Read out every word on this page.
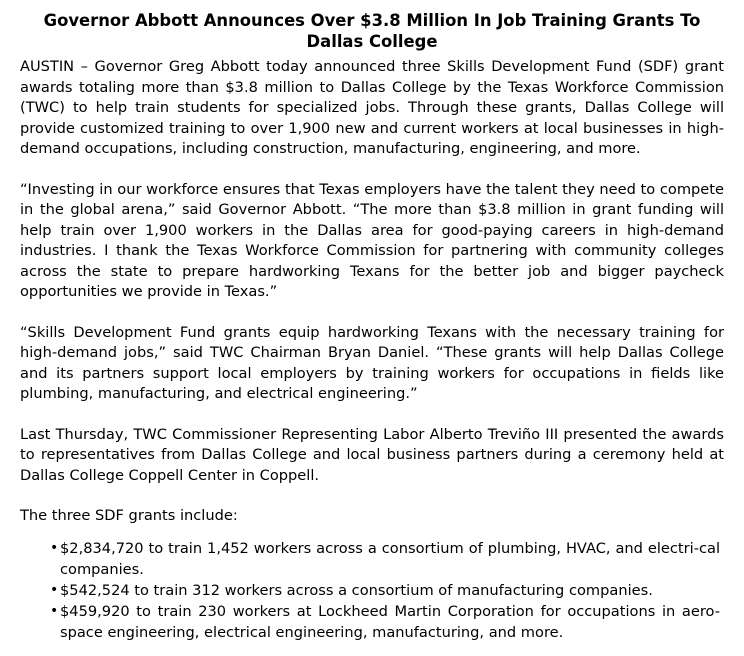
Governor Abbott Announces Over $3.8 Million In Job Training Grants To Dallas College

AUSTIN – Governor Greg Abbott today announced three Skills Development Fund (SDF) grant awards totaling more than $3.8 million to Dallas College by the Texas Workforce Commission (TWC) to help train students for specialized jobs. Through these grants, Dallas College will provide customized training to over 1,900 new and current workers at local businesses in high-demand occupations, including construction, manufacturing, engineering, and more.

“Investing in our workforce ensures that Texas employers have the talent they need to compete in the global arena,” said Governor Abbott. “The more than $3.8 million in grant funding will help train over 1,900 workers in the Dallas area for good-paying careers in high-demand industries. I thank the Texas Workforce Commission for partnering with community colleges across the state to prepare hardworking Texans for the better job and bigger paycheck opportunities we provide in Texas.”

“Skills Development Fund grants equip hardworking Texans with the necessary training for high-demand jobs,” said TWC Chairman Bryan Daniel. “These grants will help Dallas College and its partners support local employers by training workers for occupations in fields like plumbing, manufacturing, and electrical engineering.”

Last Thursday, TWC Commissioner Representing Labor Alberto Treviño III presented the awards to representatives from Dallas College and local business partners during a ceremony held at Dallas College Coppell Center in Coppell.

The three SDF grants include:

• $2,834,720 to train 1,452 workers across a consortium of plumbing, HVAC, and electri-cal companies.
• $542,524 to train 312 workers across a consortium of manufacturing companies.
• $459,920 to train 230 workers at Lockheed Martin Corporation for occupations in aero-space engineering, electrical engineering, manufacturing, and more.
